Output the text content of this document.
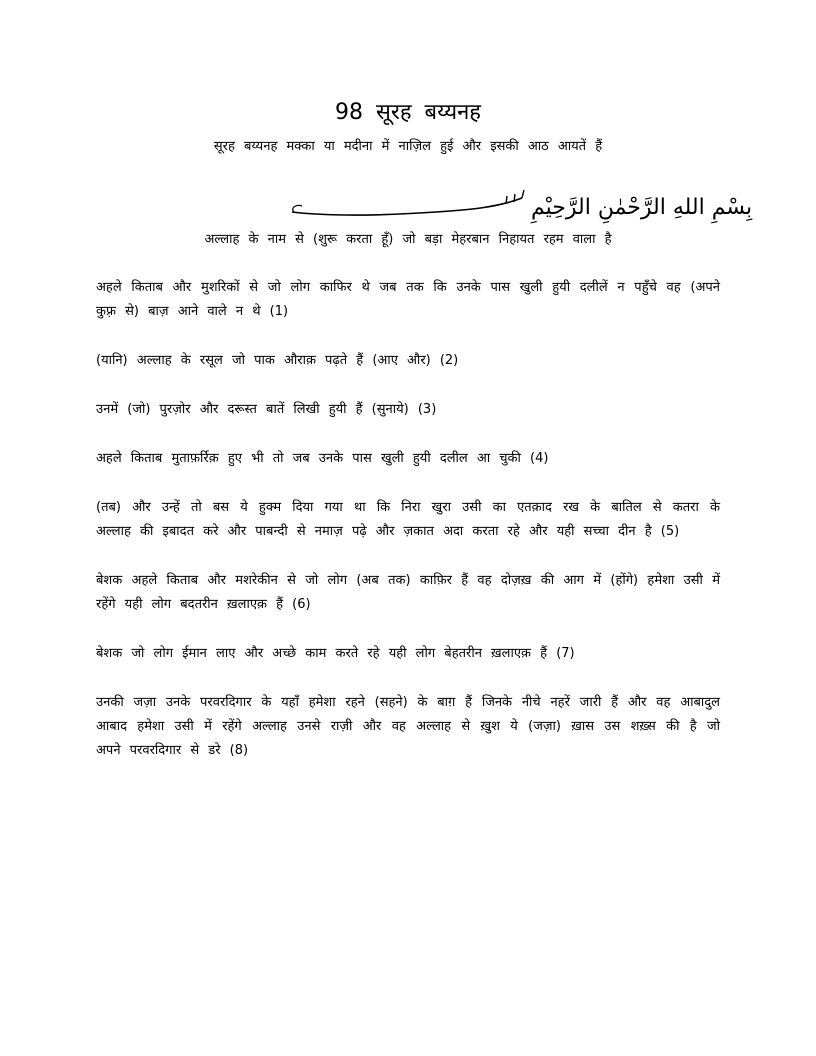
98 सूरह बय्यनह
सूरह बय्यनह मक्का या मदीना में नाज़िल हुई और इसकी आठ आयतें हैं
بِسْمِ اللهِ الرَّحْمٰنِ الرَّحِيْمِ
अल्लाह के नाम से (शुरू करता हूँ) जो बड़ा मेहरबान निहायत रहम वाला है

अहले किताब और मुशरिकों से जो लोग काफिर थे जब तक कि उनके पास खुली हुयी दलीलें न पहुँचे वह (अपने कुफ़्र से) बाज़ आने वाले न थे (1)

(यानि) अल्लाह के रसूल जो पाक औराक़ पढ़ते हैं (आए और) (2)

उनमें (जो) पुरज़ोर और दरूस्त बातें लिखी हुयी हैं (सुनाये) (3)

अहले किताब मुताफ़र्रिक़ हुए भी तो जब उनके पास खुली हुयी दलील आ चुकी (4)

(तब) और उन्हें तो बस ये हुक्म दिया गया था कि निरा खुरा उसी का एतक़ाद रख के बातिल से कतरा के अल्लाह की इबादत करे और पाबन्दी से नमाज़ पढ़े और ज़कात अदा करता रहे और यही सच्चा दीन है (5)

बेशक अहले किताब और मशरेकीन से जो लोग (अब तक) काफ़िर हैं वह दोज़ख़ की आग में (होंगे) हमेशा उसी में रहेंगे यही लोग बदतरीन ख़लाएक़ हैं (6)

बेशक जो लोग ईमान लाए और अच्छे काम करते रहे यही लोग बेहतरीन ख़लाएक़ हैं (7)

उनकी जज़ा उनके परवरदिगार के यहाँ हमेशा रहने (सहने) के बाग़ हैं जिनके नीचे नहरें जारी हैं और वह आबादुल आबाद हमेशा उसी में रहेंगे अल्लाह उनसे राज़ी और वह अल्लाह से ख़ुश ये (जज़ा) ख़ास उस शख़्स की है जो अपने परवरदिगार से डरे (8)
